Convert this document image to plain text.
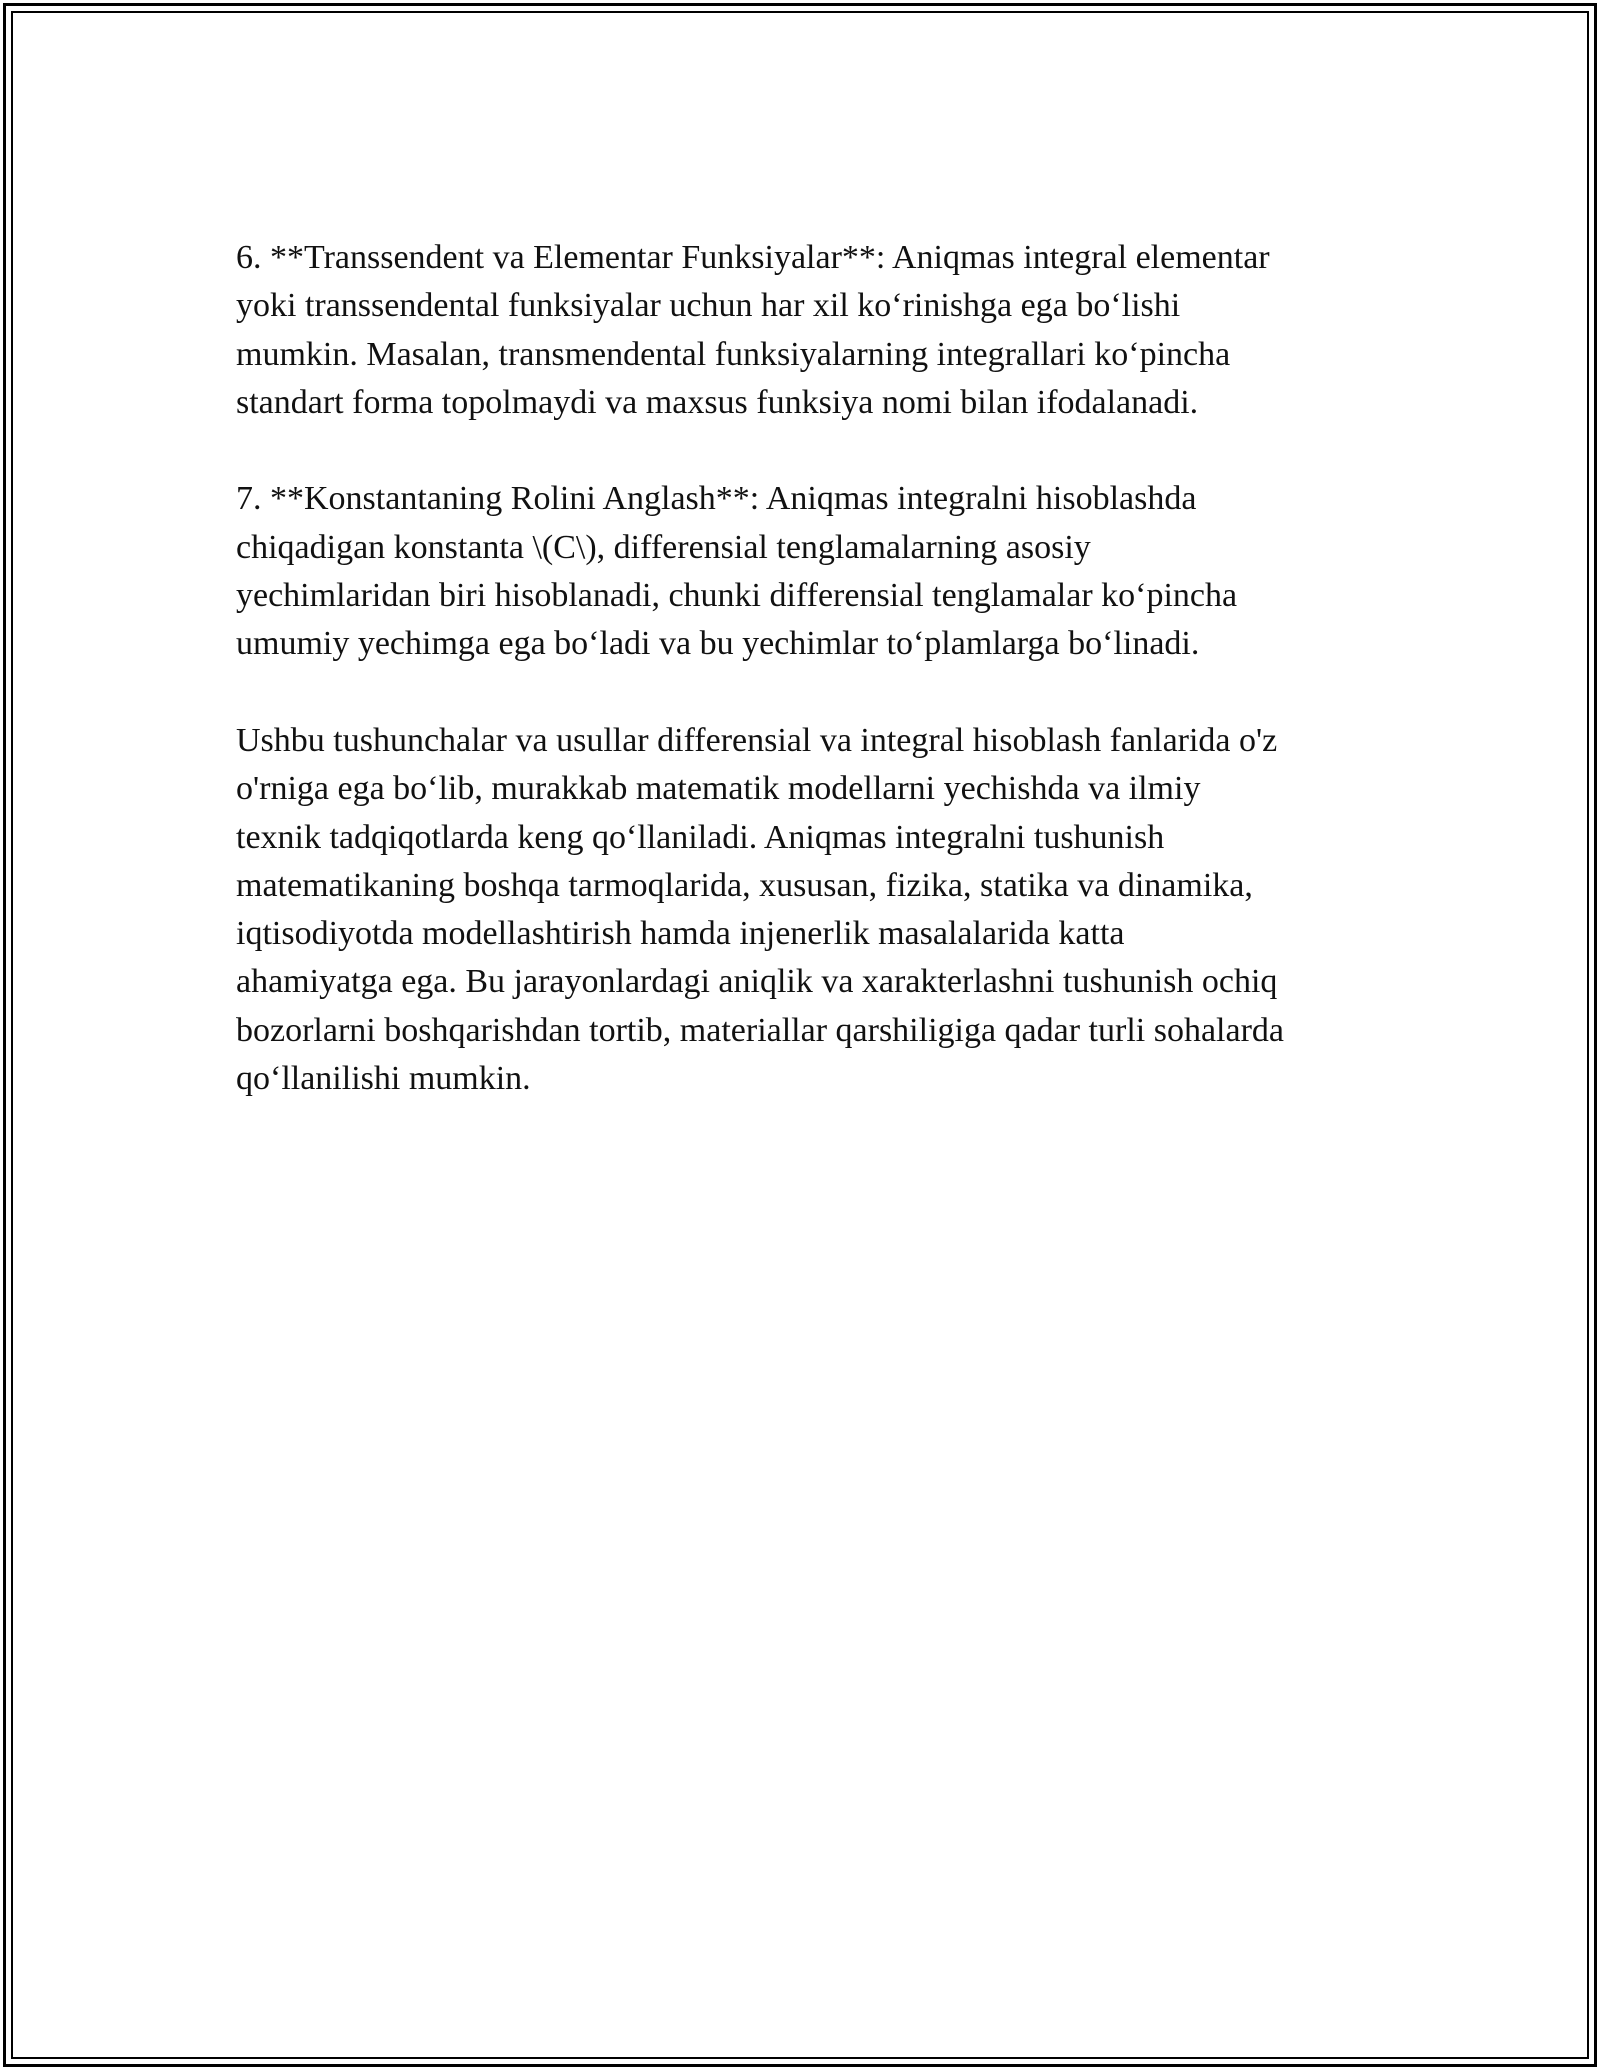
6. **Transsendent va Elementar Funksiyalar**: Aniqmas integral elementar
yoki transsendental funksiyalar uchun har xil ko‘rinishga ega bo‘lishi
mumkin. Masalan, transmendental funksiyalarning integrallari ko‘pincha
standart forma topolmaydi va maxsus funksiya nomi bilan ifodalanadi.

7. **Konstantaning Rolini Anglash**: Aniqmas integralni hisoblashda
chiqadigan konstanta \(C\), differensial tenglamalarning asosiy
yechimlaridan biri hisoblanadi, chunki differensial tenglamalar ko‘pincha
umumiy yechimga ega bo‘ladi va bu yechimlar to‘plamlarga bo‘linadi.

Ushbu tushunchalar va usullar differensial va integral hisoblash fanlarida o'z
o'rniga ega bo‘lib, murakkab matematik modellarni yechishda va ilmiy
texnik tadqiqotlarda keng qo‘llaniladi. Aniqmas integralni tushunish
matematikaning boshqa tarmoqlarida, xususan, fizika, statika va dinamika,
iqtisodiyotda modellashtirish hamda injenerlik masalalarida katta
ahamiyatga ega. Bu jarayonlardagi aniqlik va xarakterlashni tushunish ochiq
bozorlarni boshqarishdan tortib, materiallar qarshiligiga qadar turli sohalarda
qo‘llanilishi mumkin.
